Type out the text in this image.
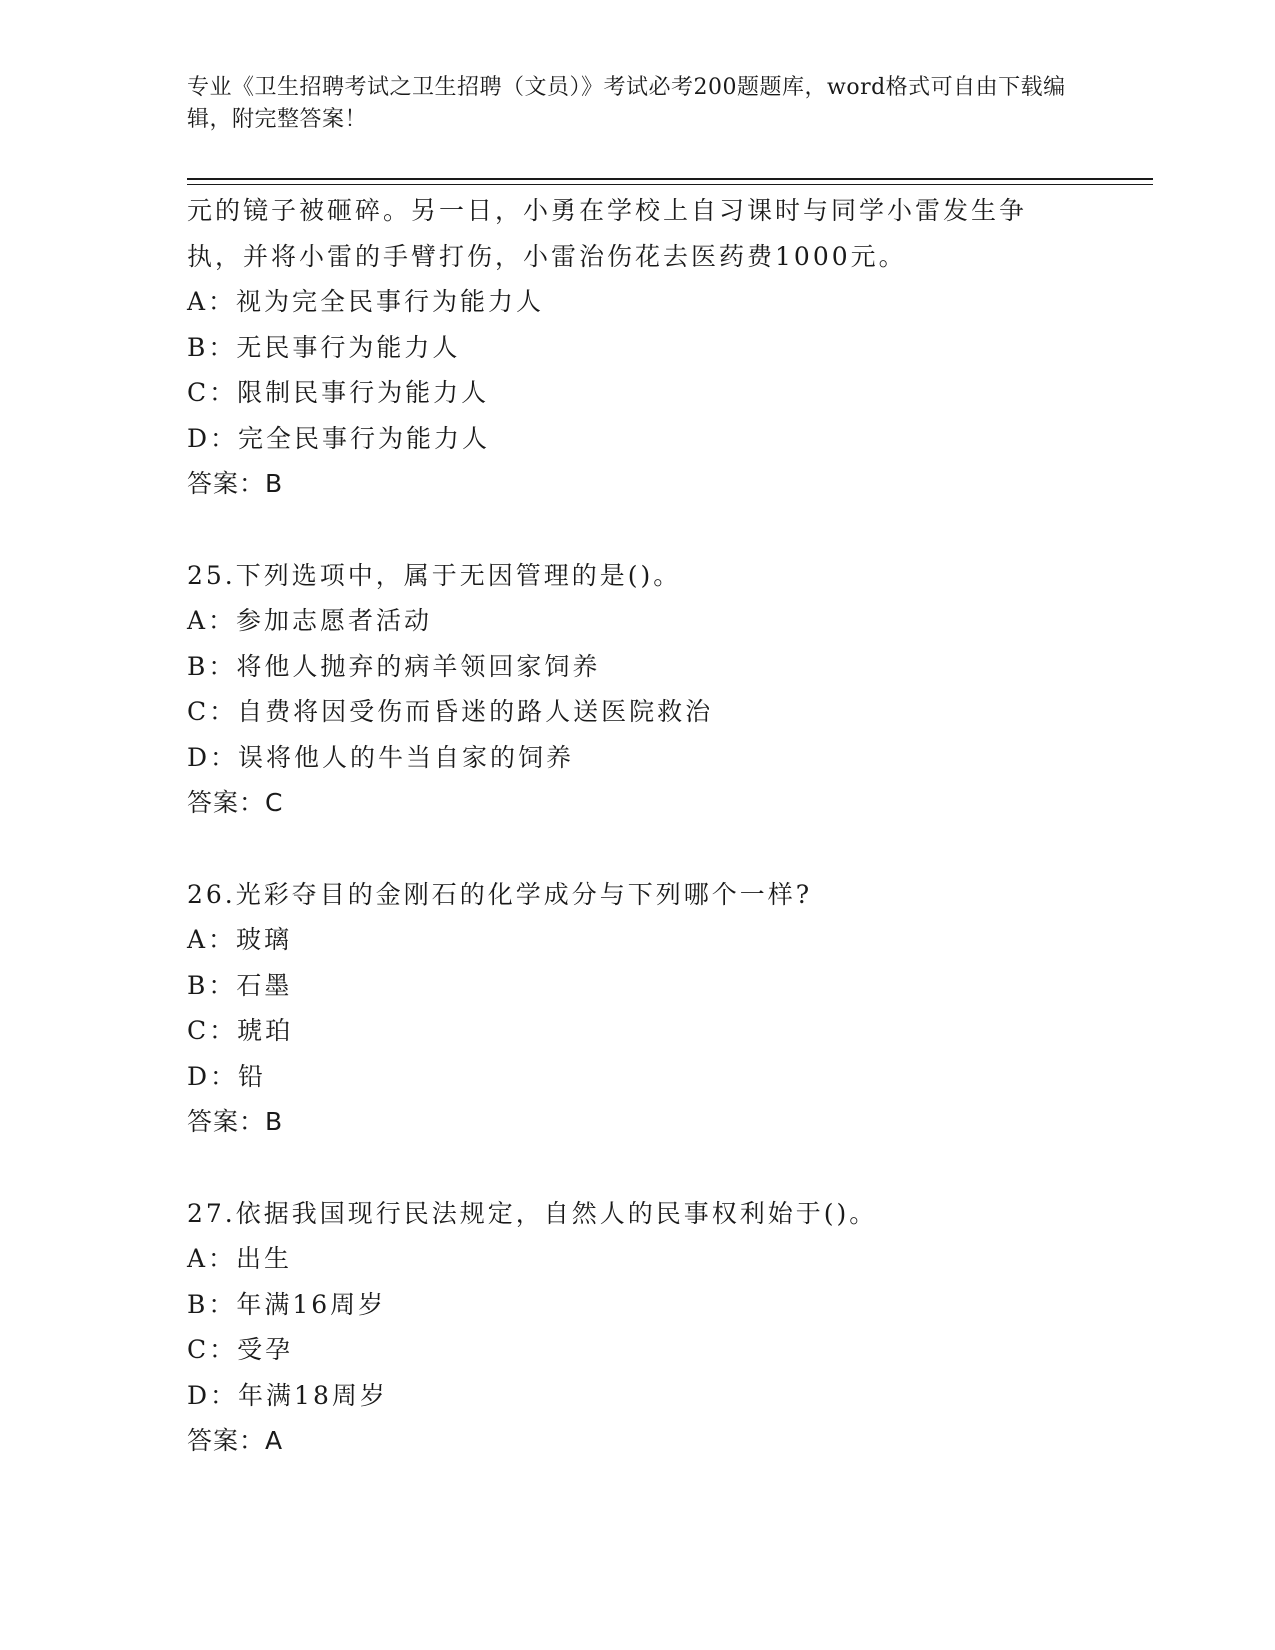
专业《卫生招聘考试之卫生招聘（文员）》考试必考200题题库，word格式可自由下载编辑，附完整答案！
元的镜子被砸碎。另一日，小勇在学校上自习课时与同学小雷发生争
执，并将小雷的手臂打伤，小雷治伤花去医药费1000元。
A：视为完全民事行为能力人
B：无民事行为能力人
C：限制民事行为能力人
D：完全民事行为能力人
答案：B
25.下列选项中，属于无因管理的是()。
A：参加志愿者活动
B：将他人抛弃的病羊领回家饲养
C：自费将因受伤而昏迷的路人送医院救治
D：误将他人的牛当自家的饲养
答案：C
26.光彩夺目的金刚石的化学成分与下列哪个一样?
A：玻璃
B：石墨
C：琥珀
D：铅
答案：B
27.依据我国现行民法规定，自然人的民事权利始于()。
A：出生
B：年满16周岁
C：受孕
D：年满18周岁
答案：A
